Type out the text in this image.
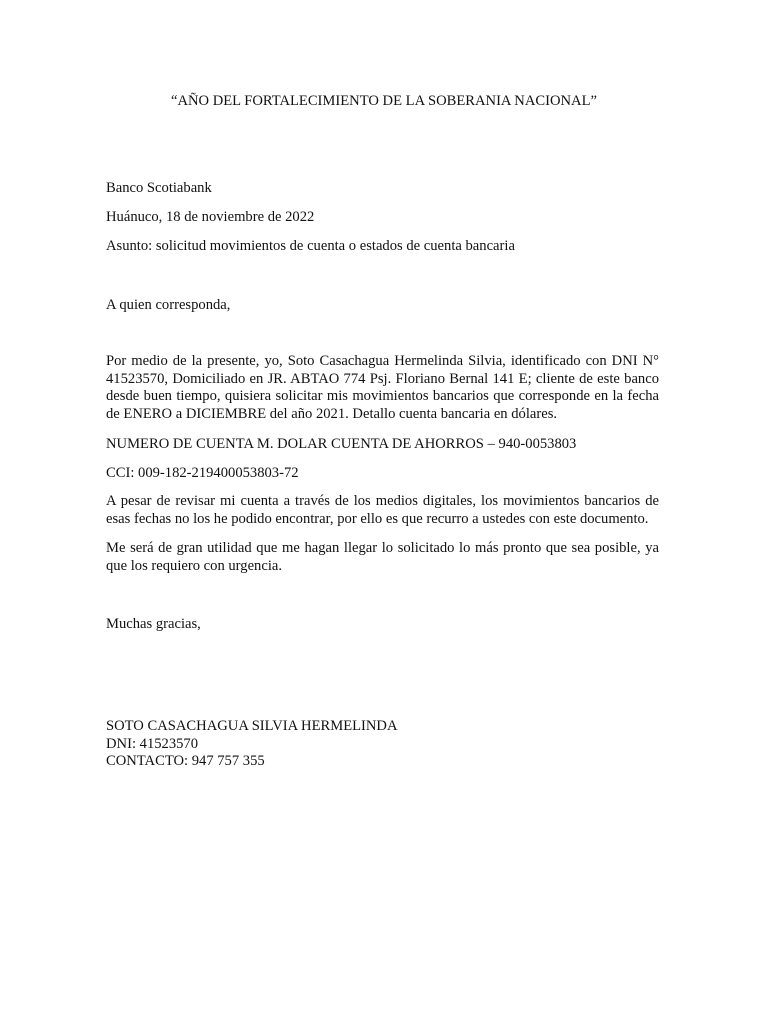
“AÑO DEL FORTALECIMIENTO DE LA SOBERANIA NACIONAL”
Banco Scotiabank
Huánuco, 18 de noviembre de 2022
Asunto: solicitud movimientos de cuenta o estados de cuenta bancaria
A quien corresponda,
Por medio de la presente, yo, Soto Casachagua Hermelinda Silvia, identificado con DNI N° 41523570, Domiciliado en JR. ABTAO 774 Psj. Floriano Bernal 141 E; cliente de este banco desde buen tiempo, quisiera solicitar mis movimientos bancarios que corresponde en la fecha de ENERO a DICIEMBRE del año 2021. Detallo cuenta bancaria en dólares.
NUMERO DE CUENTA M. DOLAR CUENTA DE AHORROS – 940-0053803
CCI: 009-182-219400053803-72
A pesar de revisar mi cuenta a través de los medios digitales, los movimientos bancarios de esas fechas no los he podido encontrar, por ello es que recurro a ustedes con este documento.
Me será de gran utilidad que me hagan llegar lo solicitado lo más pronto que sea posible, ya que los requiero con urgencia.
Muchas gracias,
SOTO CASACHAGUA SILVIA HERMELINDA
DNI: 41523570
CONTACTO: 947 757 355
